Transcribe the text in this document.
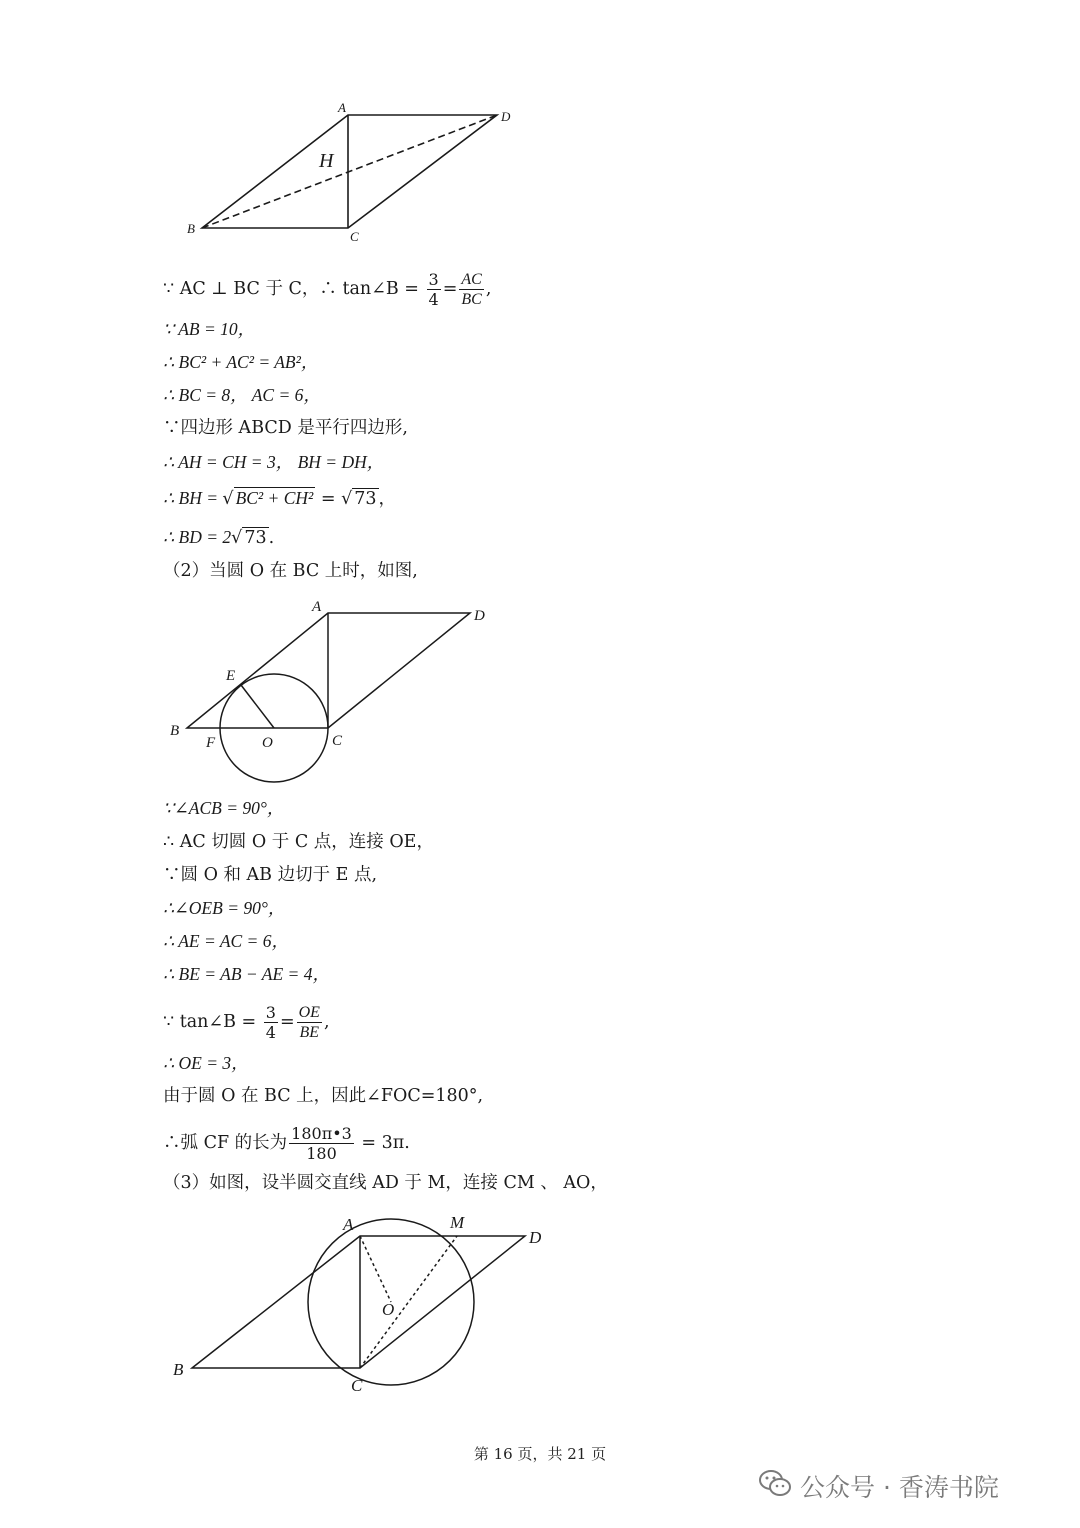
A
D
B
C
H
∵ AC ⊥ BC 于 C，∴ tan∠B = $\frac{3}{4} = \frac{AC}{BC}$ ,
∵ AB = 10，
∴ BC² + AC² = AB²，
∴ BC = 8， AC = 6，
∵四边形 ABCD 是平行四边形,
∴ AH = CH = 3， BH = DH，
∴ BH = √ BC² + CH² = √ 73 ，
∴ BD = 2√ 73 .
（2）当圆 O 在 BC 上时，如图,
A
D
E
B
F	O	C
∵∠ACB = 90°，
∴ AC 切圆 O 于 C 点，连接 OE，
∵圆 O 和 AB 边切于 E 点,
∴∠OEB = 90°，
∴ AE = AC = 6，
∴ BE = AB − AE = 4，
∵ tan∠B = $\frac{3}{4} = \frac{OE}{BE}$ ,
∴ OE = 3，
由于圆 O 在 BC 上，因此∠FOC=180°,
∴弧 CF 的长为 $\frac{180\pi•3}{180} = 3\pi$.
（3）如图，设半圆交直线 AD 于 M，连接 CM 、 AO，
A	M
D
O
B
C
第 16 页，共 21 页
公众号 · 香涛书院
